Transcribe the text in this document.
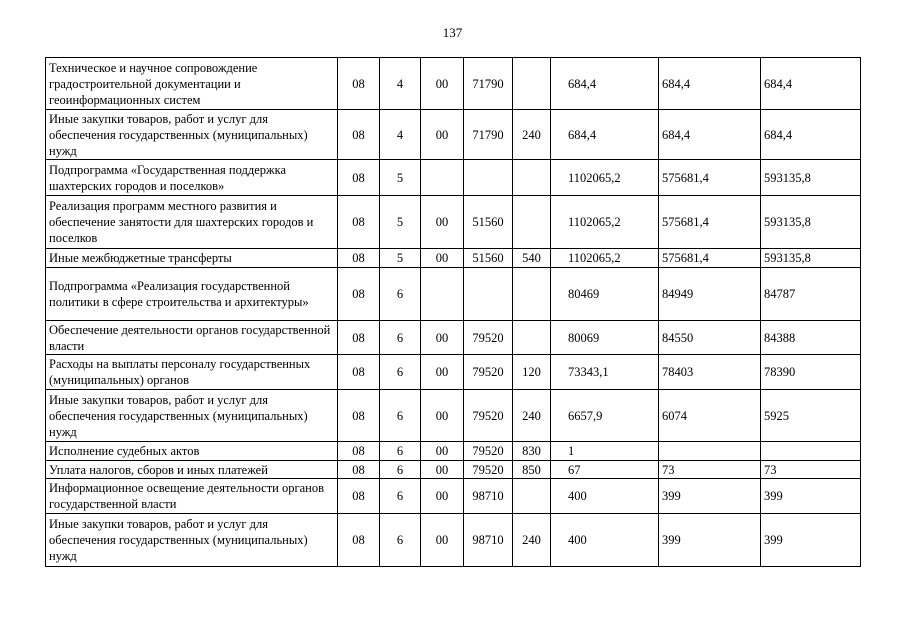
137
Техническое и научное сопровождение градостроительной документации и геоинформационных систем	08	4	00	71790		684,4	684,4	684,4
Иные закупки товаров, работ и услуг для обеспечения государственных (муниципальных) нужд	08	4	00	71790	240	684,4	684,4	684,4
Подпрограмма «Государственная поддержка шахтерских городов и поселков»	08	5				1102065,2	575681,4	593135,8
Реализация программ местного развития и обеспечение занятости для шахтерских городов и поселков	08	5	00	51560		1102065,2	575681,4	593135,8
Иные межбюджетные трансферты	08	5	00	51560	540	1102065,2	575681,4	593135,8
Подпрограмма «Реализация государственной политики в сфере строительства и архитектуры»	08	6				80469	84949	84787
Обеспечение деятельности органов государственной власти	08	6	00	79520		80069	84550	84388
Расходы на выплаты персоналу государственных (муниципальных) органов	08	6	00	79520	120	73343,1	78403	78390
Иные закупки товаров, работ и услуг для обеспечения государственных (муниципальных) нужд	08	6	00	79520	240	6657,9	6074	5925
Исполнение судебных актов	08	6	00	79520	830	1		
Уплата налогов, сборов и иных платежей	08	6	00	79520	850	67	73	73
Информационное освещение деятельности органов государственной власти	08	6	00	98710		400	399	399
Иные закупки товаров, работ и услуг для обеспечения государственных (муниципальных) нужд	08	6	00	98710	240	400	399	399
